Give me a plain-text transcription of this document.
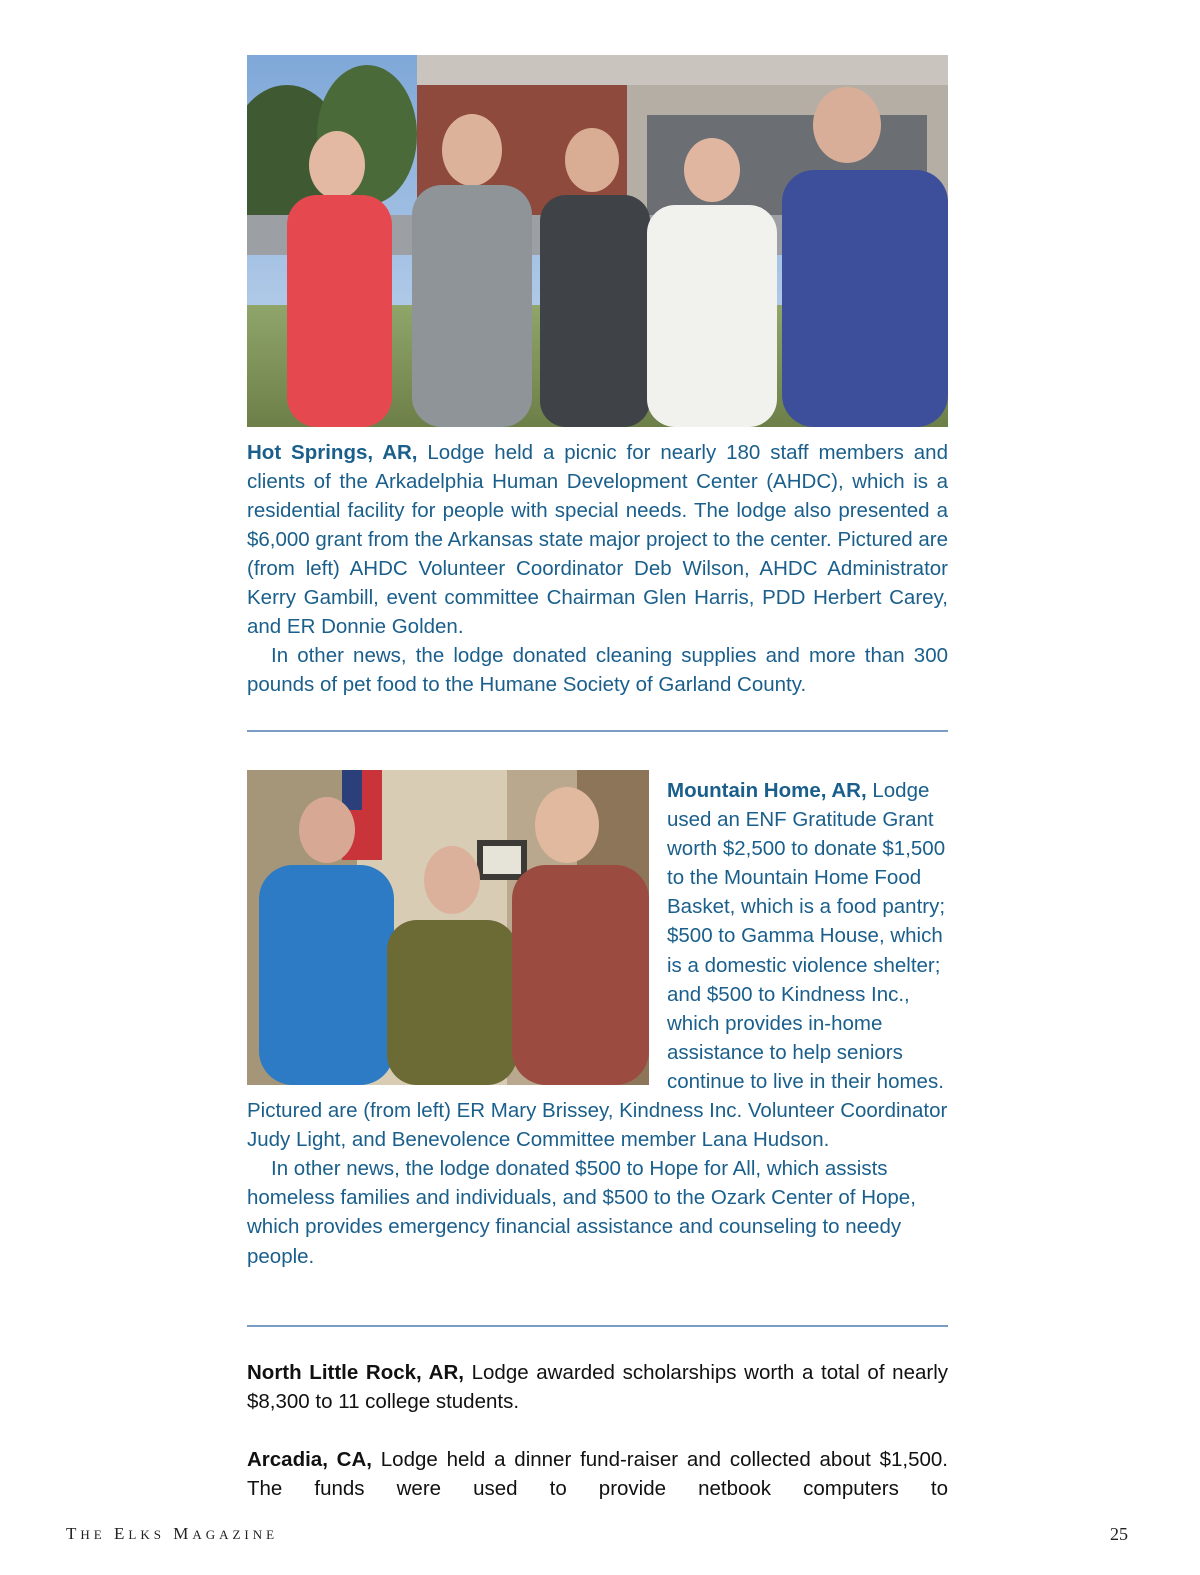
Hot Springs, AR, Lodge held a picnic for nearly 180 staff members and clients of the Arkadelphia Human Development Center (AHDC), which is a residential facility for people with special needs. The lodge also presented a $6,000 grant from the Arkansas state major project to the center. Pictured are (from left) AHDC Volunteer Coordinator Deb Wilson, AHDC Administrator Kerry Gambill, event committee Chairman Glen Harris, PDD Herbert Carey, and ER Donnie Golden.

In other news, the lodge donated cleaning supplies and more than 300 pounds of pet food to the Humane Society of Garland County.

Mountain Home, AR, Lodge used an ENF Gratitude Grant worth $2,500 to donate $1,500 to the Mountain Home Food Basket, which is a food pantry; $500 to Gamma House, which is a domestic violence shelter; and $500 to Kindness Inc., which provides in-home assistance to help seniors continue to live in their homes. Pictured are (from left) ER Mary Brissey, Kindness Inc. Volunteer Coordinator Judy Light, and Benevolence Committee member Lana Hudson.

In other news, the lodge donated $500 to Hope for All, which assists homeless families and individuals, and $500 to the Ozark Center of Hope, which provides emergency financial assistance and counseling to needy people.

North Little Rock, AR, Lodge awarded scholarships worth a total of nearly $8,300 to 11 college students.

Arcadia, CA, Lodge held a dinner fund-raiser and collected about $1,500. The funds were used to provide netbook computers to

THE ELKS MAGAZINE	25
